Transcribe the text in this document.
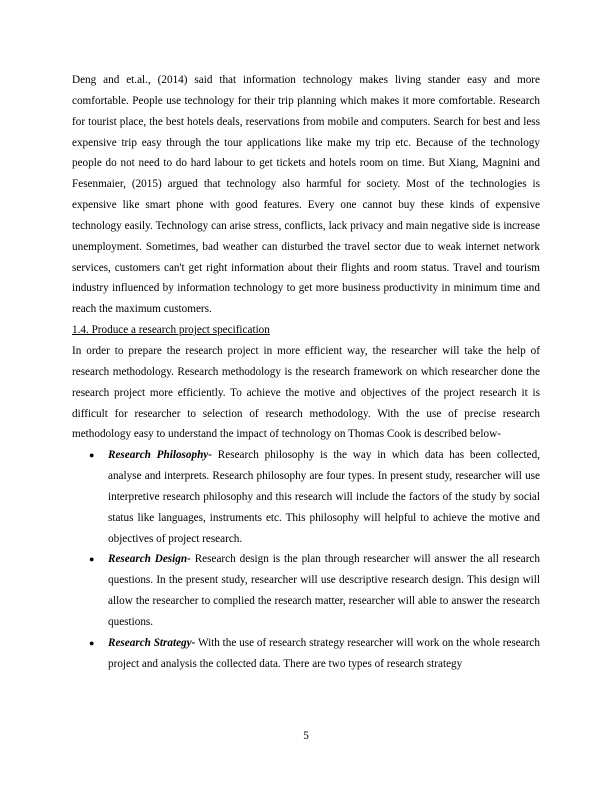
Deng and et.al., (2014) said that information technology makes living stander easy and more comfortable. People use technology for their trip planning which makes it more comfortable. Research for tourist place, the best hotels deals, reservations from mobile and computers. Search for best and less expensive trip easy through the tour applications like make my trip etc. Because of the technology people do not need to do hard labour to get tickets and hotels room on time. But Xiang, Magnini and Fesenmaier, (2015) argued that technology also harmful for society. Most of the technologies is expensive like smart phone with good features. Every one cannot buy these kinds of expensive technology easily. Technology can arise stress, conflicts, lack privacy and main negative side is increase unemployment. Sometimes, bad weather can disturbed the travel sector due to weak internet network services, customers can't get right information about their flights and room status. Travel and tourism industry influenced by information technology to get more business productivity in minimum time and reach the maximum customers.

1.4. Produce a research project specification

In order to prepare the research project in more efficient way, the researcher will take the help of research methodology. Research methodology is the research framework on which researcher done the research project more efficiently. To achieve the motive and objectives of the project research it is difficult for researcher to selection of research methodology. With the use of precise research methodology easy to understand the impact of technology on Thomas Cook is described below-

● Research Philosophy- Research philosophy is the way in which data has been collected, analyse and interprets. Research philosophy are four types. In present study, researcher will use interpretive research philosophy and this research will include the factors of the study by social status like languages, instruments etc. This philosophy will helpful to achieve the motive and objectives of project research.
● Research Design- Research design is the plan through researcher will answer the all research questions. In the present study, researcher will use descriptive research design. This design will allow the researcher to complied the research matter, researcher will able to answer the research questions.
● Research Strategy- With the use of research strategy researcher will work on the whole research project and analysis the collected data. There are two types of research strategy
5
